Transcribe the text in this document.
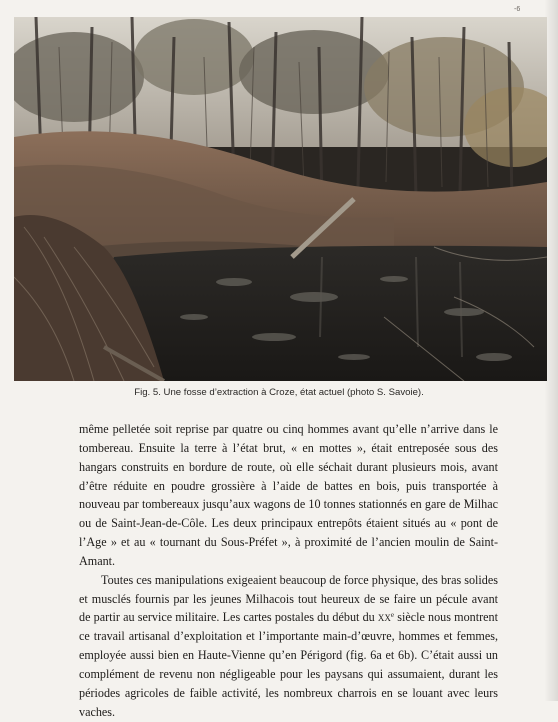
-6
Fig. 5. Une fosse d’extraction à Croze, état actuel (photo S. Savoie).

même pelletée soit reprise par quatre ou cinq hommes avant qu’elle n’arrive dans le tombereau. Ensuite la terre à l’état brut, « en mottes », était entreposée sous des hangars construits en bordure de route, où elle séchait durant plusieurs mois, avant d’être réduite en poudre grossière à l’aide de battes en bois, puis transportée à nouveau par tombereaux jusqu’aux wagons de 10 tonnes stationnés en gare de Milhac ou de Saint-Jean-de-Côle. Les deux principaux entrepôts étaient situés au « pont de l’Age » et au « tournant du Sous-Préfet », à proximité de l’ancien moulin de Saint-Amant.

Toutes ces manipulations exigeaient beaucoup de force physique, des bras solides et musclés fournis par les jeunes Milhacois tout heureux de se faire un pécule avant de partir au service militaire. Les cartes postales du début du $xx^e$ siècle nous montrent ce travail artisanal d’exploitation et l’importante main-d’œuvre, hommes et femmes, employée aussi bien en Haute-Vienne qu’en Périgord (fig. 6a et 6b). C’était aussi un complément de revenu non négligeable pour les paysans qui assumaient, durant les périodes agricoles de faible activité, les nombreux charrois en se louant avec leurs vaches.
